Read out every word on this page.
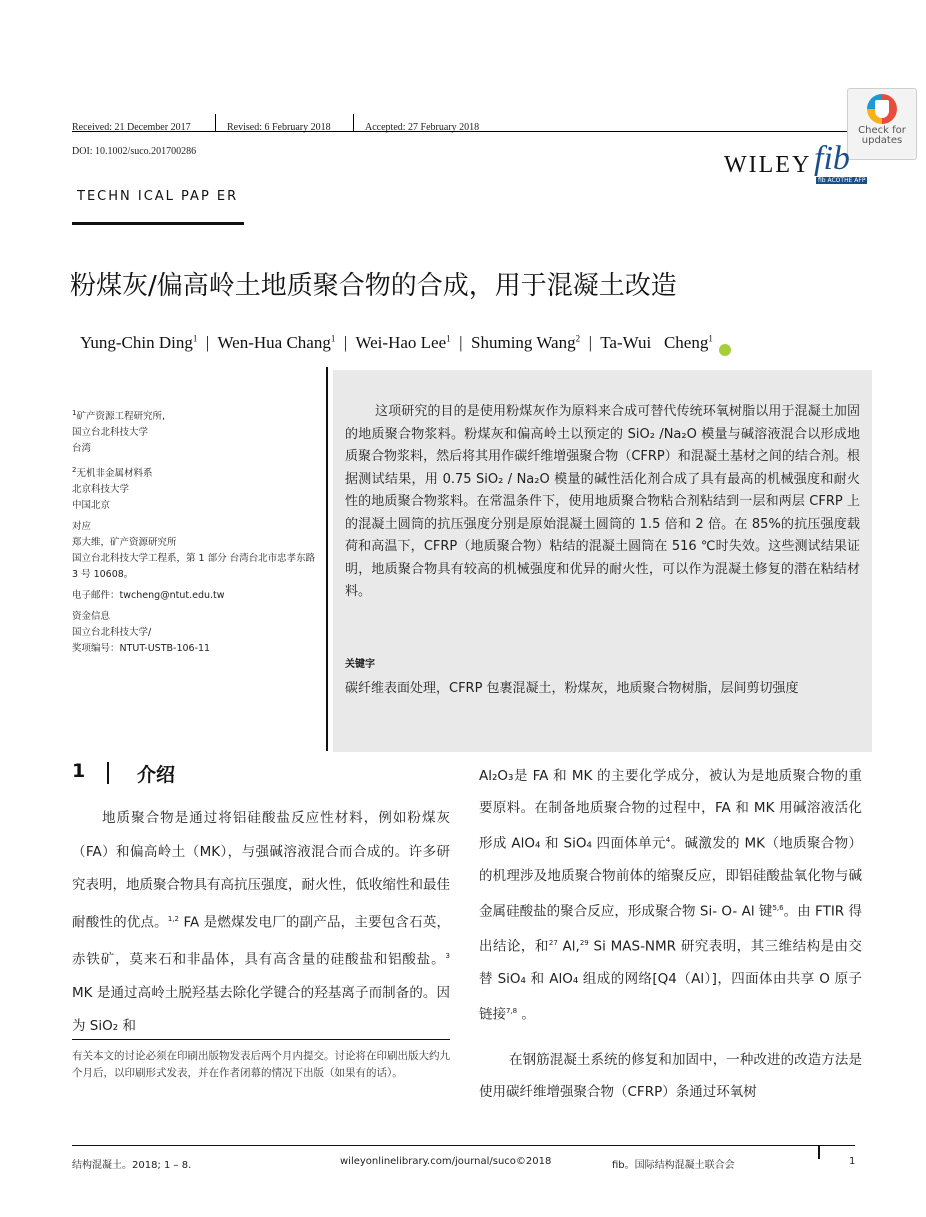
Received: 21 December 2017	Revised: 6 February 2018	Accepted: 27 February 2018
DOI: 10.1002/suco.201700286
Check for
updates
WILEY fib
fib ACOTHE AFP
TECHN ICAL PAP ER
粉煤灰/偏高岭土地质聚合物的合成，用于混凝土改造
Yung-Chin Ding$^1$ | Wen-Hua Chang$^1$ | Wei-Hao Lee$^1$ | Shuming Wang$^2$ | Ta-Wui   Cheng$^1$

$^1$矿产资源工程研究所,
国立台北科技大学
台湾

$^2$无机非金属材料系
北京科技大学
中国北京

对应
郑大维，矿产资源研究所
国立台北科技大学工程系，第 1 部分 台湾台北市忠孝东路 3 号 10608。

电子邮件：twcheng@ntut.edu.tw

资金信息
国立台北科技大学/
奖项编号：NTUT-USTB-106-11

这项研究的目的是使用粉煤灰作为原料来合成可替代传统环氧树脂以用于混凝土加固的地质聚合物浆料。粉煤灰和偏高岭土以预定的 SiO₂ /Na₂O 模量与碱溶液混合以形成地质聚合物浆料，然后将其用作碳纤维增强聚合物（CFRP）和混凝土基材之间的结合剂。根据测试结果，用 0.75 SiO₂ / Na₂O 模量的碱性活化剂合成了具有最高的机械强度和耐火性的地质聚合物浆料。在常温条件下，使用地质聚合物粘合剂粘结到一层和两层 CFRP 上的混凝土圆筒的抗压强度分别是原始混凝土圆筒的 1.5 倍和 2 倍。在 85%的抗压强度载荷和高温下，CFRP（地质聚合物）粘结的混凝土圆筒在 516 ℃时失效。这些测试结果证明，地质聚合物具有较高的机械强度和优异的耐火性，可以作为混凝土修复的潜在粘结材料。
关键字
碳纤维表面处理，CFRP 包裹混凝土，粉煤灰，地质聚合物树脂，层间剪切强度
1	介绍

地质聚合物是通过将铝硅酸盐反应性材料，例如粉煤灰（FA）和偏高岭土（MK），与强碱溶液混合而合成的。许多研究表明，地质聚合物具有高抗压强度，耐火性，低收缩性和最佳耐酸性的优点。$^{1,2}$ FA 是燃煤发电厂的副产品，主要包含石英，赤铁矿，莫来石和非晶体，具有高含量的硅酸盐和铝酸盐。$^3$ MK 是通过高岭土脱羟基去除化学键合的羟基离子而制备的。因为 SiO₂ 和

Al₂O₃是 FA 和 MK 的主要化学成分，被认为是地质聚合物的重要原料。在制备地质聚合物的过程中，FA 和 MK 用碱溶液活化形成 AlO₄ 和 SiO₄ 四面体单元$^4$。碱激发的 MK（地质聚合物）的机理涉及地质聚合物前体的缩聚反应，即铝硅酸盐氧化物与碱金属硅酸盐的聚合反应，形成聚合物 Si- O- Al 键$^{5,6}$。由 FTIR 得出结论，和$^{27}$ Al,$^{29}$ Si MAS-NMR 研究表明，其三维结构是由交替 SiO₄ 和 AlO₄ 组成的网络[Q4（Al）]，四面体由共享 O 原子链接$^{7,8}$ 。

在钢筋混凝土系统的修复和加固中，一种改进的改造方法是使用碳纤维增强聚合物（CFRP）条通过环氧树

有关本文的讨论必须在印刷出版物发表后两个月内提交。讨论将在印刷出版大约九个月后，以印刷形式发表，并在作者闭幕的情况下出版（如果有的话）。
结构混凝土。2018; 1 – 8.	wileyonlinelibrary.com/journal/suco©2018	fib。国际结构混凝土联合会	1
